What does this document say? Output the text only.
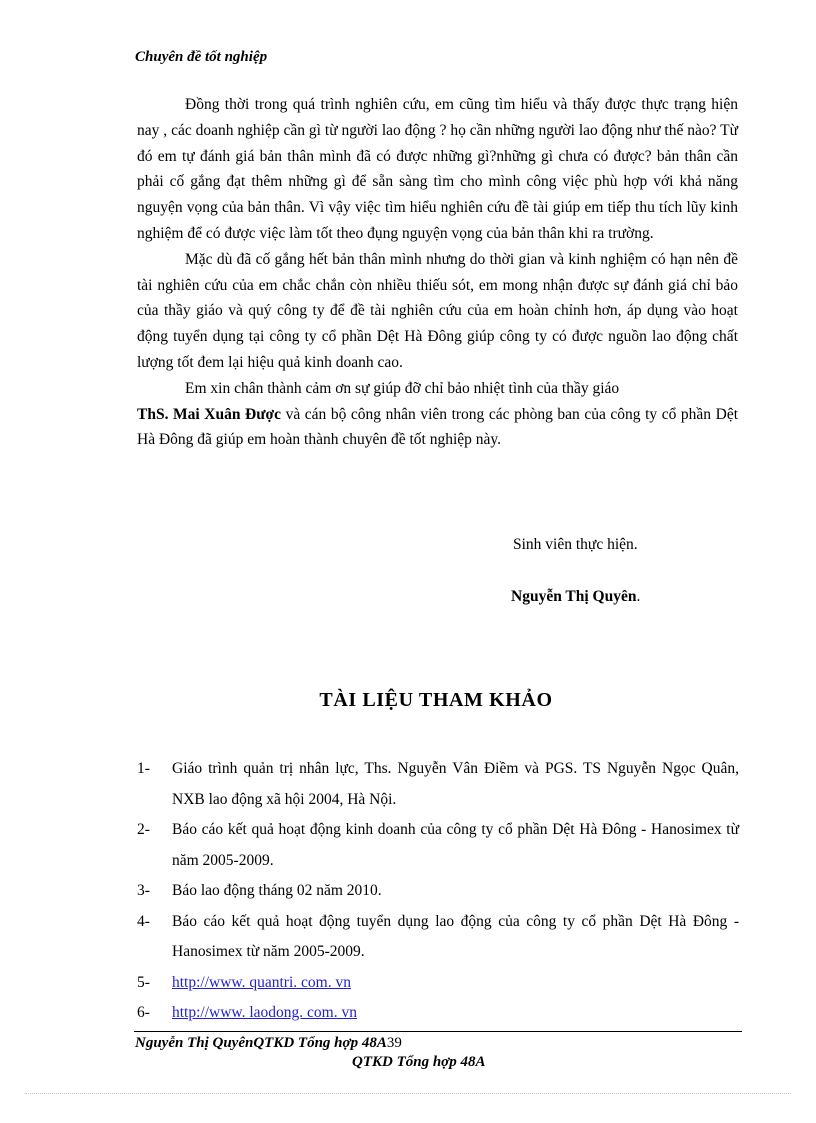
Chuyên đề tốt nghiệp

Đồng thời trong quá trình nghiên cứu, em cũng tìm hiểu và thấy được thực trạng hiện nay , các doanh nghiệp cần gì từ người lao động ? họ cần những người lao động như thế nào? Từ đó em tự đánh giá bản thân mình đã có được những gì?những gì chưa có được? bản thân cần phải cố gắng đạt thêm những gì để sẵn sàng tìm cho mình công việc phù hợp với khả năng nguyện vọng của bản thân. Vì vậy việc tìm hiểu nghiên cứu đề tài giúp em tiếp thu tích lũy kinh nghiệm để có được việc làm tốt theo đụng nguyện vọng của bản thân khi ra trường.

Mặc dù đã cố gắng hết bản thân mình nhưng do thời gian và kinh nghiệm có hạn nên đề tài nghiên cứu của em chắc chắn còn nhiều thiếu sót, em mong nhận được sự đánh giá chỉ bảo của thầy giáo và quý công ty để đề tài nghiên cứu của em hoàn chỉnh hơn, áp dụng vào hoạt động tuyển dụng tại công ty cổ phần Dệt Hà Đông giúp công ty có được nguồn lao động chất lượng tốt đem lại hiệu quả kinh doanh cao.

Em xin chân thành cảm ơn sự giúp đỡ chỉ bảo nhiệt tình của thầy giáo
ThS. Mai Xuân Được và cán bộ công nhân viên trong các phòng ban của công ty cổ phần Dệt Hà Đông đã giúp em hoàn thành chuyên đề tốt nghiệp này.

Sinh viên thực hiện.
Nguyễn Thị Quyên.
TÀI LIỆU THAM KHẢO
1- Giáo trình quản trị nhân lực, Ths. Nguyễn Vân Điềm và PGS. TS Nguyễn Ngọc Quân, NXB lao động xã hội 2004, Hà Nội.
2- Báo cáo kết quả hoạt động kinh doanh của công ty cổ phần Dệt Hà Đông - Hanosimex từ năm 2005-2009.
3- Báo lao động tháng 02 năm 2010.
4- Báo cáo kết quả hoạt động tuyển dụng lao động của công ty cổ phần Dệt Hà Đông - Hanosimex từ năm 2005-2009.
5- http://www. quantri. com. vn
6- http://www. laodong. com. vn
Nguyễn Thị QuyênQTKD Tổng hợp 48A39
QTKD Tổng hợp 48A
